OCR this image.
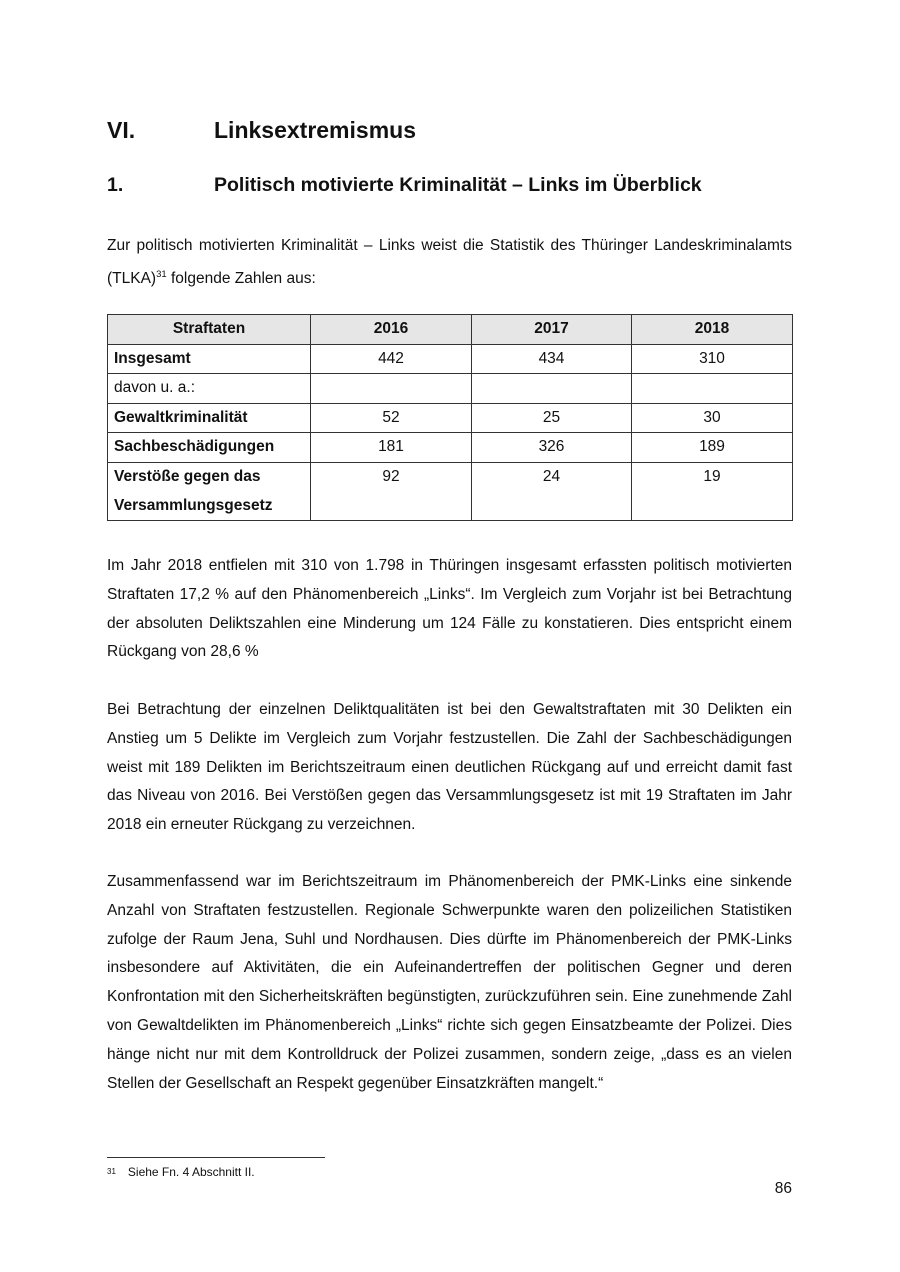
VI.	Linksextremismus
1.	Politisch motivierte Kriminalität – Links im Überblick
Zur politisch motivierten Kriminalität – Links weist die Statistik des Thüringer Landeskriminalamts (TLKA)$^{31}$ folgende Zahlen aus:
Straftaten	2016	2017	2018
Insgesamt	442	434	310
davon u. a.:			
Gewaltkriminalität	52	25	30
Sachbeschädigungen	181	326	189
Verstöße gegen das
Versammlungsgesetz	92	24	19
Im Jahr 2018 entfielen mit 310 von 1.798 in Thüringen insgesamt erfassten politisch motivierten Straftaten 17,2 % auf den Phänomenbereich „Links“. Im Vergleich zum Vorjahr ist bei Betrachtung der absoluten Deliktszahlen eine Minderung um 124 Fälle zu konstatieren. Dies entspricht einem Rückgang von 28,6 %
Bei Betrachtung der einzelnen Deliktqualitäten ist bei den Gewaltstraftaten mit 30 Delikten ein Anstieg um 5 Delikte im Vergleich zum Vorjahr festzustellen. Die Zahl der Sachbeschädigungen weist mit 189 Delikten im Berichtszeitraum einen deutlichen Rückgang auf und erreicht damit fast das Niveau von 2016. Bei Verstößen gegen das Versammlungsgesetz ist mit 19 Straftaten im Jahr 2018 ein erneuter Rückgang zu verzeichnen.
Zusammenfassend war im Berichtszeitraum im Phänomenbereich der PMK-Links eine sinkende Anzahl von Straftaten festzustellen. Regionale Schwerpunkte waren den polizeilichen Statistiken zufolge der Raum Jena, Suhl und Nordhausen. Dies dürfte im Phänomenbereich der PMK-Links insbesondere auf Aktivitäten, die ein Aufeinandertreffen der politischen Gegner und deren Konfrontation mit den Sicherheitskräften begünstigten, zurückzuführen sein. Eine zunehmende Zahl von Gewaltdelikten im Phänomenbereich „Links“ richte sich gegen Einsatzbeamte der Polizei. Dies hänge nicht nur mit dem Kontrolldruck der Polizei zusammen, sondern zeige, „dass es an vielen Stellen der Gesellschaft an Respekt gegenüber Einsatzkräften mangelt.“
$^{31}$ Siehe Fn. 4 Abschnitt II.
86
